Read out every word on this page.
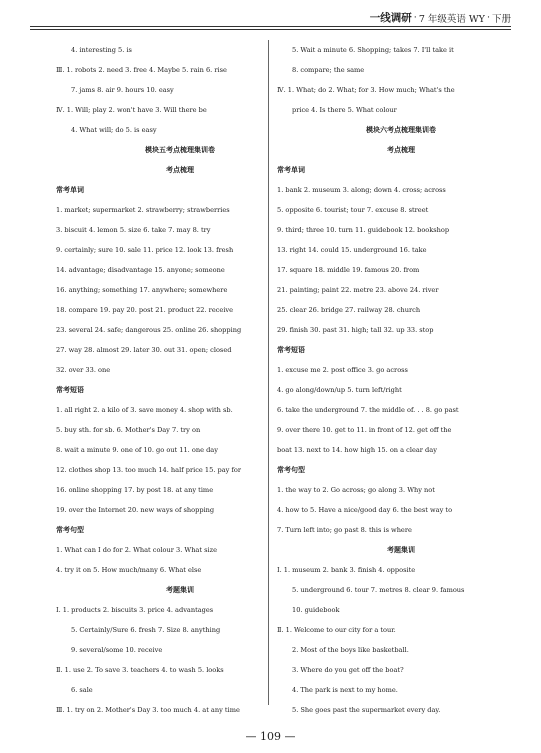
一线调研 · 7 年级英语 WY · 下册
4. interesting 5. is
Ⅲ. 1. robots 2. need 3. free 4. Maybe 5. rain 6. rise
7. jams 8. air 9. hours 10. easy
Ⅳ. 1. Will; play 2. won't have 3. Will there be
4. What will; do 5. is easy
模块五考点梳理集训卷
考点梳理
常考单词
1. market; supermarket 2. strawberry; strawberries
3. biscuit 4. lemon 5. size 6. take 7. may 8. try
9. certainly; sure 10. sale 11. price 12. look 13. fresh
14. advantage; disadvantage 15. anyone; someone
16. anything; something 17. anywhere; somewhere
18. compare 19. pay 20. post 21. product 22. receive
23. several 24. safe; dangerous 25. online 26. shopping
27. way 28. almost 29. later 30. out 31. open; closed
32. over 33. one
常考短语
1. all right 2. a kilo of 3. save money 4. shop with sb.
5. buy sth. for sb. 6. Mother's Day 7. try on
8. wait a minute 9. one of 10. go out 11. one day
12. clothes shop 13. too much 14. half price 15. pay for
16. online shopping 17. by post 18. at any time
19. over the Internet 20. new ways of shopping
常考句型
1. What can I do for 2. What colour 3. What size
4. try it on 5. How much/many 6. What else
考题集训
Ⅰ. 1. products 2. biscuits 3. price 4. advantages
5. Certainly/Sure 6. fresh 7. Size 8. anything
9. several/some 10. receive
Ⅱ. 1. use 2. To save 3. teachers 4. to wash 5. looks
6. sale
Ⅲ. 1. try on 2. Mother's Day 3. too much 4. at any time
5. Wait a minute 6. Shopping; takes 7. I'll take it
8. compare; the same
Ⅳ. 1. What; do 2. What; for 3. How much; What's the
price 4. Is there 5. What colour
模块六考点梳理集训卷
考点梳理
常考单词
1. bank 2. museum 3. along; down 4. cross; across
5. opposite 6. tourist; tour 7. excuse 8. street
9. third; three 10. turn 11. guidebook 12. bookshop
13. right 14. could 15. underground 16. take
17. square 18. middle 19. famous 20. from
21. painting; paint 22. metre 23. above 24. river
25. clear 26. bridge 27. railway 28. church
29. finish 30. past 31. high; tall 32. up 33. stop
常考短语
1. excuse me 2. post office 3. go across
4. go along/down/up 5. turn left/right
6. take the underground 7. the middle of. . . 8. go past
9. over there 10. get to 11. in front of 12. get off the
boat 13. next to 14. how high 15. on a clear day
常考句型
1. the way to 2. Go across; go along 3. Why not
4. how to 5. Have a nice/good day 6. the best way to
7. Turn left into; go past 8. this is where
考题集训
Ⅰ. 1. museum 2. bank 3. finish 4. opposite
5. underground 6. tour 7. metres 8. clear 9. famous
10. guidebook
Ⅱ. 1. Welcome to our city for a tour.
2. Most of the boys like basketball.
3. Where do you get off the boat?
4. The park is next to my home.
5. She goes past the supermarket every day.
— 109 —
